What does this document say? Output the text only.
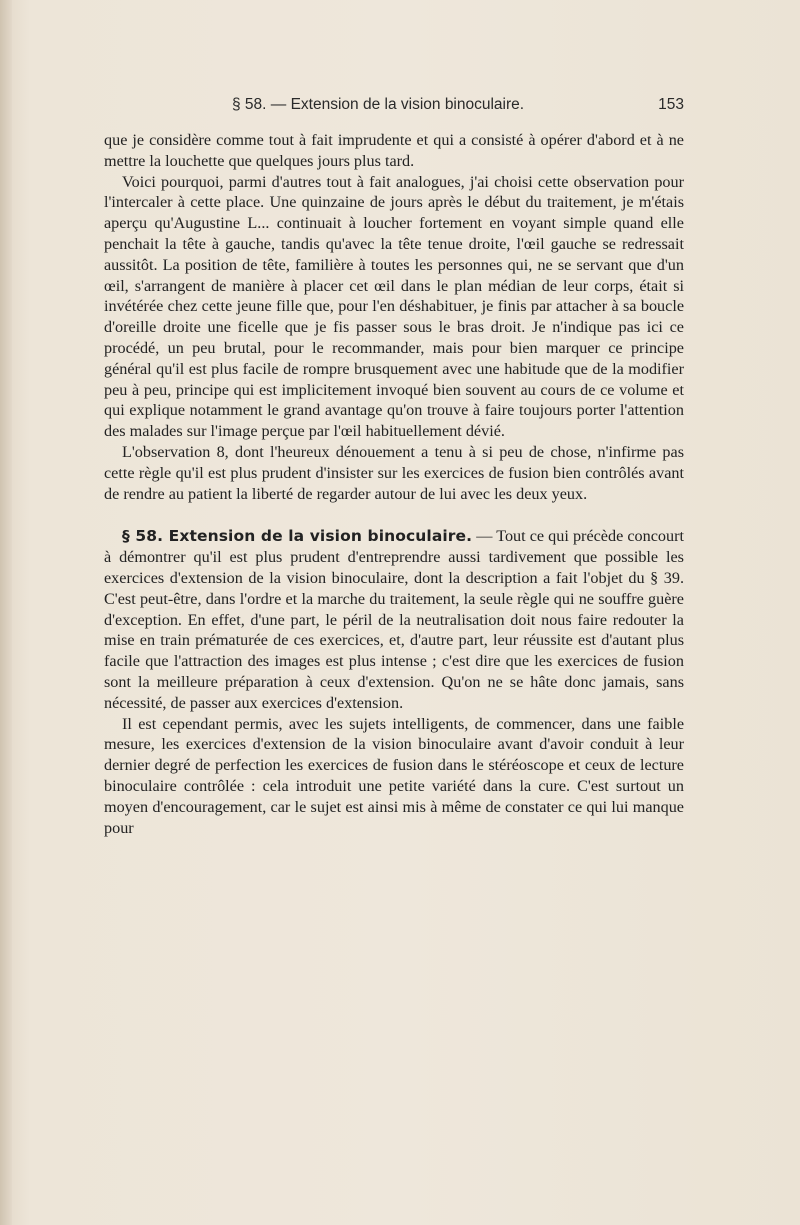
§ 58. — Extension de la vision binoculaire.	153

que je considère comme tout à fait imprudente et qui a consisté à opérer d'abord et à ne mettre la louchette que quelques jours plus tard.

Voici pourquoi, parmi d'autres tout à fait analogues, j'ai choisi cette observation pour l'intercaler à cette place. Une quinzaine de jours après le début du traitement, je m'étais aperçu qu'Augustine L... continuait à loucher fortement en voyant simple quand elle penchait la tête à gauche, tandis qu'avec la tête tenue droite, l'œil gauche se redressait aussitôt. La position de tête, familière à toutes les personnes qui, ne se servant que d'un œil, s'arrangent de manière à placer cet œil dans le plan médian de leur corps, était si invétérée chez cette jeune fille que, pour l'en déshabituer, je finis par attacher à sa boucle d'oreille droite une ficelle que je fis passer sous le bras droit. Je n'indique pas ici ce procédé, un peu brutal, pour le recommander, mais pour bien marquer ce principe général qu'il est plus facile de rompre brusquement avec une habitude que de la modifier peu à peu, principe qui est implicitement invoqué bien souvent au cours de ce volume et qui explique notamment le grand avantage qu'on trouve à faire toujours porter l'attention des malades sur l'image perçue par l'œil habituellement dévié.

L'observation 8, dont l'heureux dénouement a tenu à si peu de chose, n'infirme pas cette règle qu'il est plus prudent d'insister sur les exercices de fusion bien contrôlés avant de rendre au patient la liberté de regarder autour de lui avec les deux yeux.

§ 58. Extension de la vision binoculaire. — Tout ce qui précède concourt à démontrer qu'il est plus prudent d'entreprendre aussi tardivement que possible les exercices d'extension de la vision binoculaire, dont la description a fait l'objet du § 39. C'est peut-être, dans l'ordre et la marche du traitement, la seule règle qui ne souffre guère d'exception. En effet, d'une part, le péril de la neutralisation doit nous faire redouter la mise en train prématurée de ces exercices, et, d'autre part, leur réussite est d'autant plus facile que l'attraction des images est plus intense ; c'est dire que les exercices de fusion sont la meilleure préparation à ceux d'extension. Qu'on ne se hâte donc jamais, sans nécessité, de passer aux exercices d'extension.

Il est cependant permis, avec les sujets intelligents, de commencer, dans une faible mesure, les exercices d'extension de la vision binoculaire avant d'avoir conduit à leur dernier degré de perfection les exercices de fusion dans le stéréoscope et ceux de lecture binoculaire contrôlée : cela introduit une petite variété dans la cure. C'est surtout un moyen d'encouragement, car le sujet est ainsi mis à même de constater ce qui lui manque pour
